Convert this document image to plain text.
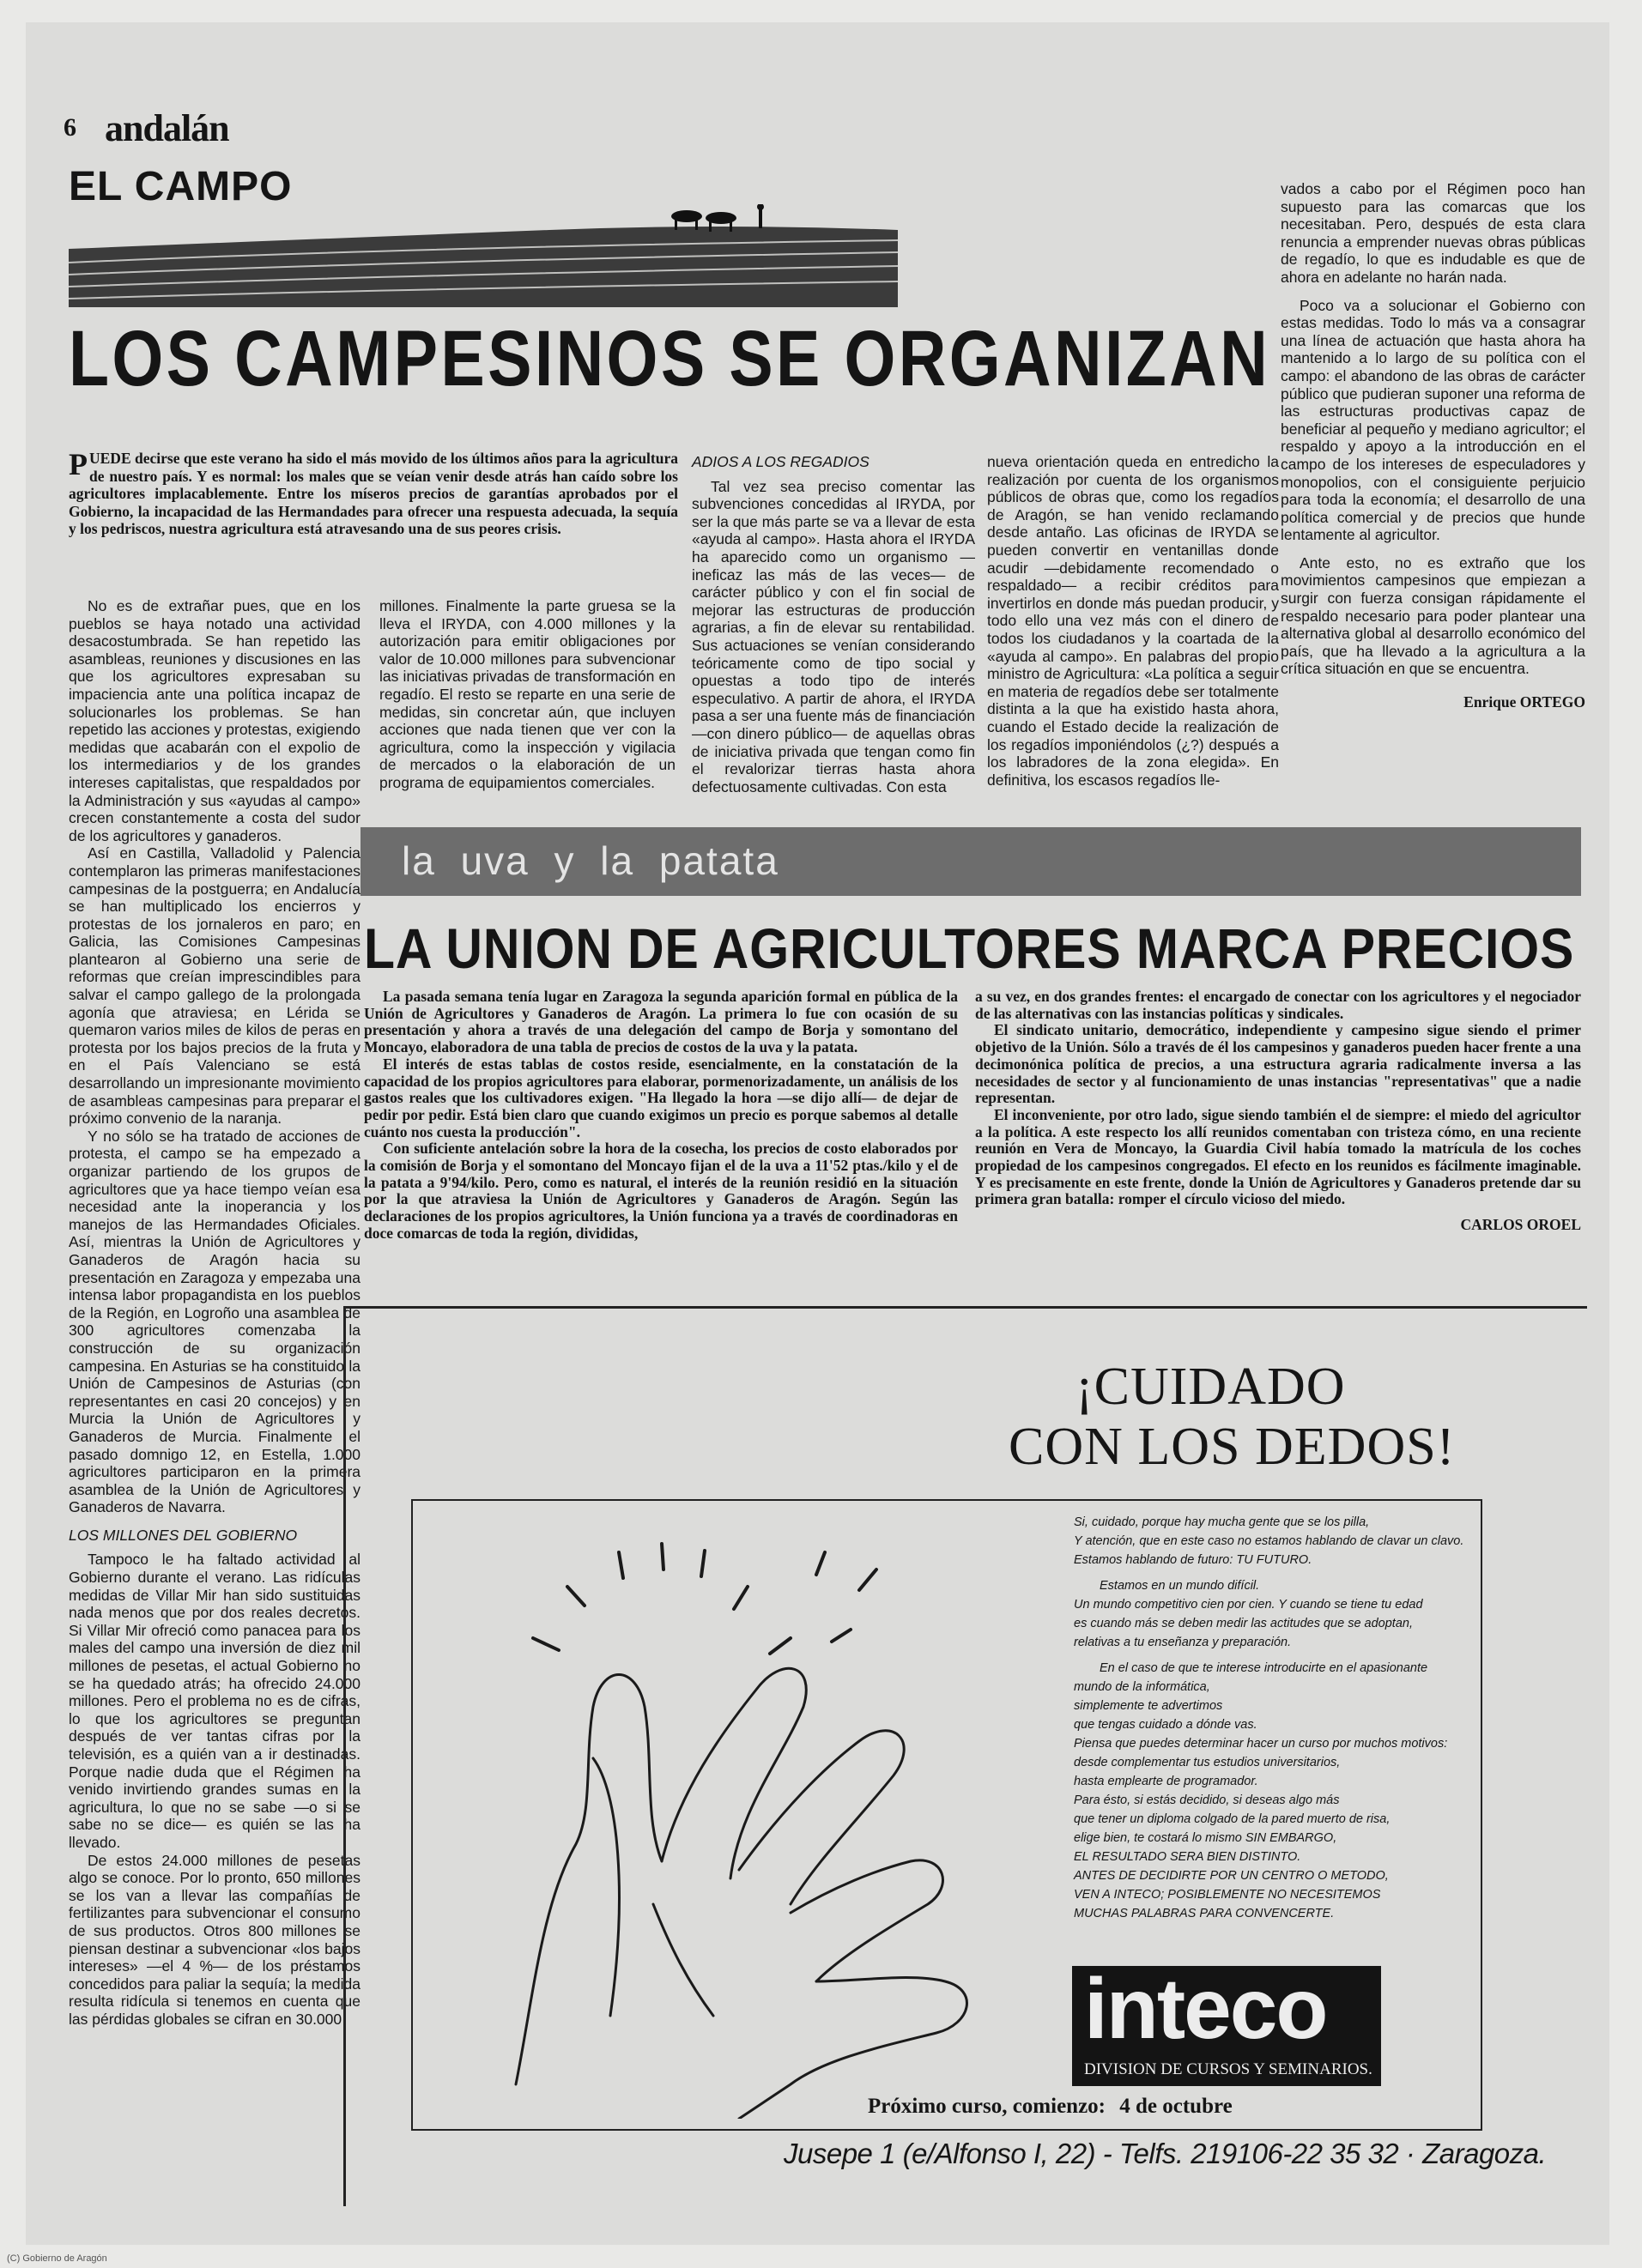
6 andalán
EL CAMPO
LOS CAMPESINOS SE ORGANIZAN
PUEDE decirse que este verano ha sido el más movido de los últimos años para la agricultura de nuestro país. Y es normal: los males que se veían venir desde atrás han caído sobre los agricultores implacablemente. Entre los míseros precios de garantías aprobados por el Gobierno, la incapacidad de las Hermandades para ofrecer una respuesta adecuada, la sequía y los pedriscos, nuestra agricultura está atravesando una de sus peores crisis.

No es de extrañar pues, que en los pueblos se haya notado una actividad desacostumbrada. Se han repetido las asambleas, reuniones y discusiones en las que los agricultores expresaban su impaciencia ante una política incapaz de solucionarles los problemas. Se han repetido las acciones y protestas, exigiendo medidas que acabarán con el expolio de los intermediarios y de los grandes intereses capitalistas, que respaldados por la Administración y sus «ayudas al campo» crecen constantemente a costa del sudor de los agricultores y ganaderos.

Así en Castilla, Valladolid y Palencia contemplaron las primeras manifestaciones campesinas de la postguerra; en Andalucía se han multiplicado los encierros y protestas de los jornaleros en paro; en Galicia, las Comisiones Campesinas plantearon al Gobierno una serie de reformas que creían imprescindibles para salvar el campo gallego de la prolongada agonía que atraviesa; en Lérida se quemaron varios miles de kilos de peras en protesta por los bajos precios de la fruta y en el País Valenciano se está desarrollando un impresionante movimiento de asambleas campesinas para preparar el próximo convenio de la naranja.

Y no sólo se ha tratado de acciones de protesta, el campo se ha empezado a organizar partiendo de los grupos de agricultores que ya hace tiempo veían esa necesidad ante la inoperancia y los manejos de las Hermandades Oficiales. Así, mientras la Unión de Agricultores y Ganaderos de Aragón hacia su presentación en Zaragoza y empezaba una intensa labor propagandista en los pueblos de la Región, en Logroño una asamblea de 300 agricultores comenzaba la construcción de su organización campesina. En Asturias se ha constituido la Unión de Campesinos de Asturias (con representantes en casi 20 concejos) y en Murcia la Unión de Agricultores y Ganaderos de Murcia. Finalmente el pasado domnigo 12, en Estella, 1.000 agricultores participaron en la primera asamblea de la Unión de Agricultores y Ganaderos de Navarra.

LOS MILLONES DEL GOBIERNO

Tampoco le ha faltado actividad al Gobierno durante el verano. Las ridículas medidas de Villar Mir han sido sustituidas nada menos que por dos reales decretos. Si Villar Mir ofreció como panacea para los males del campo una inversión de diez mil millones de pesetas, el actual Gobierno no se ha quedado atrás; ha ofrecido 24.000 millones. Pero el problema no es de cifras, lo que los agricultores se preguntan después de ver tantas cifras por la televisión, es a quién van a ir destinadas. Porque nadie duda que el Régimen ha venido invirtiendo grandes sumas en la agricultura, lo que no se sabe —o si se sabe no se dice— es quién se las ha llevado.

De estos 24.000 millones de pesetas algo se conoce. Por lo pronto, 650 millones se los van a llevar las compañías de fertilizantes para subvencionar el consumo de sus productos. Otros 800 millones se piensan destinar a subvencionar «los bajos intereses» —el 4 %— de los préstamos concedidos para paliar la sequía; la medida resulta ridícula si tenemos en cuenta que las pérdidas globales se cifran en 30.000

millones. Finalmente la parte gruesa se la lleva el IRYDA, con 4.000 millones y la autorización para emitir obligaciones por valor de 10.000 millones para subvencionar las iniciativas privadas de transformación en regadío. El resto se reparte en una serie de medidas, sin concretar aún, que incluyen acciones que nada tienen que ver con la agricultura, como la inspección y vigilacia de mercados o la elaboración de un programa de equipamientos comerciales.

ADIOS A LOS REGADIOS

Tal vez sea preciso comentar las subvenciones concedidas al IRYDA, por ser la que más parte se va a llevar de esta «ayuda al campo». Hasta ahora el IRYDA ha aparecido como un organismo —ineficaz las más de las veces— de carácter público y con el fin social de mejorar las estructuras de producción agrarias, a fin de elevar su rentabilidad. Sus actuaciones se venían considerando teóricamente como de tipo social y opuestas a todo tipo de interés especulativo. A partir de ahora, el IRYDA pasa a ser una fuente más de financiación —con dinero público— de aquellas obras de iniciativa privada que tengan como fin el revalorizar tierras hasta ahora defectuosamente cultivadas. Con esta

nueva orientación queda en entredicho la realización por cuenta de los organismos públicos de obras que, como los regadíos de Aragón, se han venido reclamando desde antaño. Las oficinas de IRYDA se pueden convertir en ventanillas donde acudir —debidamente recomendado o respaldado— a recibir créditos para invertirlos en donde más puedan producir, y todo ello una vez más con el dinero de todos los ciudadanos y la coartada de la «ayuda al campo». En palabras del propio ministro de Agricultura: «La política a seguir en materia de regadíos debe ser totalmente distinta a la que ha existido hasta ahora, cuando el Estado decide la realización de los regadíos imponiéndolos (¿?) después a los labradores de la zona elegida». En definitiva, los escasos regadíos lle-

vados a cabo por el Régimen poco han supuesto para las comarcas que los necesitaban. Pero, después de esta clara renuncia a emprender nuevas obras públicas de regadío, lo que es indudable es que de ahora en adelante no harán nada.

Poco va a solucionar el Gobierno con estas medidas. Todo lo más va a consagrar una línea de actuación que hasta ahora ha mantenido a lo largo de su política con el campo: el abandono de las obras de carácter público que pudieran suponer una reforma de las estructuras productivas capaz de beneficiar al pequeño y mediano agricultor; el respaldo y apoyo a la introducción en el campo de los intereses de especuladores y monopolios, con el consiguiente perjuicio para toda la economía; el desarrollo de una política comercial y de precios que hunde lentamente al agricultor.

Ante esto, no es extraño que los movimientos campesinos que empiezan a surgir con fuerza consigan rápidamente el respaldo necesario para poder plantear una alternativa global al desarrollo económico del país, que ha llevado a la agricultura a la crítica situación en que se encuentra.

Enrique ORTEGO

la uva y la patata
LA UNION DE AGRICULTORES MARCA PRECIOS

La pasada semana tenía lugar en Zaragoza la segunda aparición formal en pública de la Unión de Agricultores y Ganaderos de Aragón. La primera lo fue con ocasión de su presentación y ahora a través de una delegación del campo de Borja y somontano del Moncayo, elaboradora de una tabla de precios de costos de la uva y la patata.

El interés de estas tablas de costos reside, esencialmente, en la constatación de la capacidad de los propios agricultores para elaborar, pormenorizadamente, un análisis de los gastos reales que los cultivadores exigen. "Ha llegado la hora —se dijo allí— de dejar de pedir por pedir. Está bien claro que cuando exigimos un precio es porque sabemos al detalle cuánto nos cuesta la producción".

Con suficiente antelación sobre la hora de la cosecha, los precios de costo elaborados por la comisión de Borja y el somontano del Moncayo fijan el de la uva a 11'52 ptas./kilo y el de la patata a 9'94/kilo. Pero, como es natural, el interés de la reunión residió en la situación por la que atraviesa la Unión de Agricultores y Ganaderos de Aragón. Según las declaraciones de los propios agricultores, la Unión funciona ya a través de coordinadoras en doce comarcas de toda la región, divididas,

a su vez, en dos grandes frentes: el encargado de conectar con los agricultores y el negociador de las alternativas con las instancias políticas y sindicales.

El sindicato unitario, democrático, independiente y campesino sigue siendo el primer objetivo de la Unión. Sólo a través de él los campesinos y ganaderos pueden hacer frente a una decimonónica política de precios, a una estructura agraria radicalmente inversa a las necesidades de sector y al funcionamiento de unas instancias "representativas" que a nadie representan.

El inconveniente, por otro lado, sigue siendo también el de siempre: el miedo del agricultor a la política. A este respecto los allí reunidos comentaban con tristeza cómo, en una reciente reunión en Vera de Moncayo, la Guardia Civil había tomado la matrícula de los coches propiedad de los campesinos congregados. El efecto en los reunidos es fácilmente imaginable. Y es precisamente en este frente, donde la Unión de Agricultores y Ganaderos pretende dar su primera gran batalla: romper el círculo vicioso del miedo.

CARLOS OROEL

¡CUIDADO
CON LOS DEDOS!

Si, cuidado, porque hay mucha gente que se los pilla,

Y atención, que en este caso no estamos hablando de clavar un clavo.

Estamos hablando de futuro: TU FUTURO.

Estamos en un mundo difícil.

Un mundo competitivo cien por cien. Y cuando se tiene tu edad

es cuando más se deben medir las actitudes que se adoptan,

relativas a tu enseñanza y preparación.

En el caso de que te interese introducirte en el apasionante

mundo de la informática,

simplemente te advertimos

que tengas cuidado a dónde vas.

Piensa que puedes determinar hacer un curso por muchos motivos:

desde complementar tus estudios universitarios,

hasta emplearte de programador.

Para ésto, si estás decidido, si deseas algo más

que tener un diploma colgado de la pared muerto de risa,

elige bien, te costará lo mismo SIN EMBARGO,

EL RESULTADO SERA BIEN DISTINTO.

ANTES DE DECIDIRTE POR UN CENTRO O METODO,

VEN A INTECO; POSIBLEMENTE NO NECESITEMOS

MUCHAS PALABRAS PARA CONVENCERTE.

inteco
DIVISION DE CURSOS Y SEMINARIOS.
Próximo curso, comienzo: 4 de octubre
Jusepe 1 (e/Alfonso I, 22) - Telfs. 219106-22 35 32 · Zaragoza.
(C) Gobierno de Aragón
